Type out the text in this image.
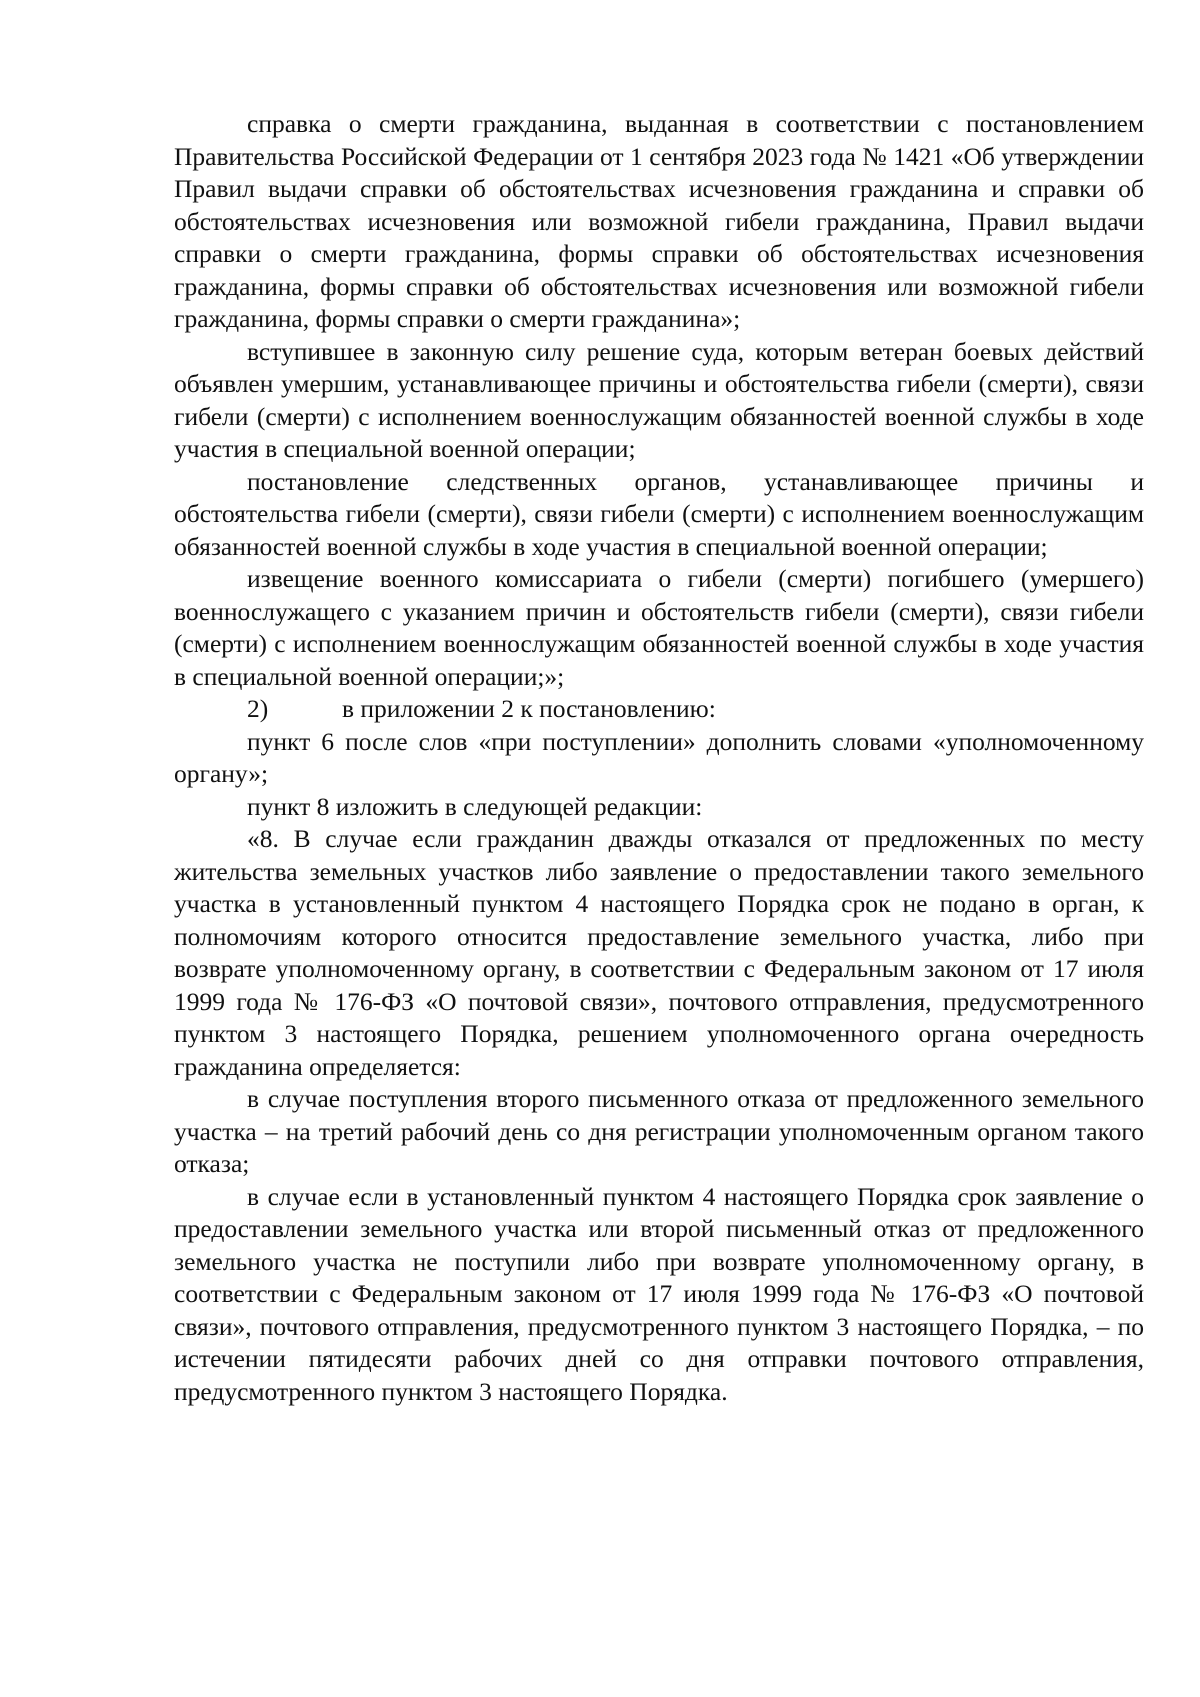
справка о смерти гражданина, выданная в соответствии с постановлением Правительства Российской Федерации от 1 сентября 2023 года № 1421 «Об утверждении Правил выдачи справки об обстоятельствах исчезновения гражданина и справки об обстоятельствах исчезновения или возможной гибели гражданина, Правил выдачи справки о смерти гражданина, формы справки об обстоятельствах исчезновения гражданина, формы справки об обстоятельствах исчезновения или возможной гибели гражданина, формы справки о смерти гражданина»;

вступившее в законную силу решение суда, которым ветеран боевых действий объявлен умершим, устанавливающее причины и обстоятельства гибели (смерти), связи гибели (смерти) с исполнением военнослужащим обязанностей военной службы в ходе участия в специальной военной операции;

постановление следственных органов, устанавливающее причины и обстоятельства гибели (смерти), связи гибели (смерти) с исполнением военнослужащим обязанностей военной службы в ходе участия в специальной военной операции;

извещение военного комиссариата о гибели (смерти) погибшего (умершего) военнослужащего с указанием причин и обстоятельств гибели (смерти), связи гибели (смерти) с исполнением военнослужащим обязанностей военной службы в ходе участия в специальной военной операции;»;

2)	в приложении 2 к постановлению:

пункт 6 после слов «при поступлении» дополнить словами «уполномоченному органу»;

пункт 8 изложить в следующей редакции:

«8. В случае если гражданин дважды отказался от предложенных по месту жительства земельных участков либо заявление о предоставлении такого земельного участка в установленный пунктом 4 настоящего Порядка срок не подано в орган, к полномочиям которого относится предоставление земельного участка, либо при возврате уполномоченному органу, в соответствии с Федеральным законом от 17 июля 1999 года № 176-ФЗ «О почтовой связи», почтового отправления, предусмотренного пунктом 3 настоящего Порядка, решением уполномоченного органа очередность гражданина определяется:

в случае поступления второго письменного отказа от предложенного земельного участка – на третий рабочий день со дня регистрации уполномоченным органом такого отказа;

в случае если в установленный пунктом 4 настоящего Порядка срок заявление о предоставлении земельного участка или второй письменный отказ от предложенного земельного участка не поступили либо при возврате уполномоченному органу, в соответствии с Федеральным законом от 17 июля 1999 года № 176-ФЗ «О почтовой связи», почтового отправления, предусмотренного пунктом 3 настоящего Порядка, – по истечении пятидесяти рабочих дней со дня отправки почтового отправления, предусмотренного пунктом 3 настоящего Порядка.
